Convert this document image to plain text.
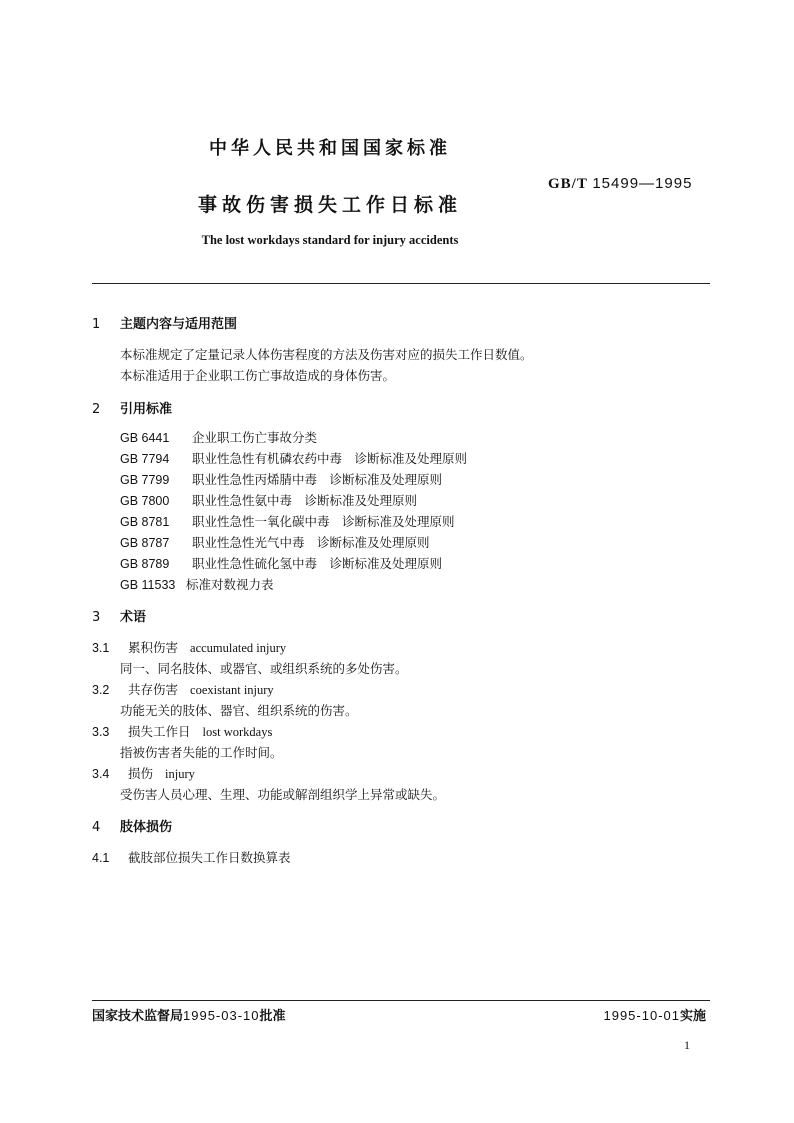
中华人民共和国国家标准
GB/T 15499—1995
事故伤害损失工作日标准
The lost workdays standard for injury accidents
1 主题内容与适用范围
本标准规定了定量记录人体伤害程度的方法及伤害对应的损失工作日数值。
本标准适用于企业职工伤亡事故造成的身体伤害。
2 引用标准
GB 6441 企业职工伤亡事故分类
GB 7794 职业性急性有机磷农药中毒　诊断标准及处理原则
GB 7799 职业性急性丙烯腈中毒　诊断标准及处理原则
GB 7800 职业性急性氨中毒　诊断标准及处理原则
GB 8781 职业性急性一氧化碳中毒　诊断标准及处理原则
GB 8787 职业性急性光气中毒　诊断标准及处理原则
GB 8789 职业性急性硫化氢中毒　诊断标准及处理原则
GB 11533 标准对数视力表
3 术语
3.1 累积伤害 accumulated injury
同一、同名肢体、或器官、或组织系统的多处伤害。
3.2 共存伤害 coexistant injury
功能无关的肢体、器官、组织系统的伤害。
3.3 损失工作日 lost workdays
指被伤害者失能的工作时间。
3.4 损伤 injury
受伤害人员心理、生理、功能或解剖组织学上异常或缺失。
4 肢体损伤
4.1 截肢部位损失工作日数换算表
国家技术监督局1995-03-10批准	1995-10-01实施
1
